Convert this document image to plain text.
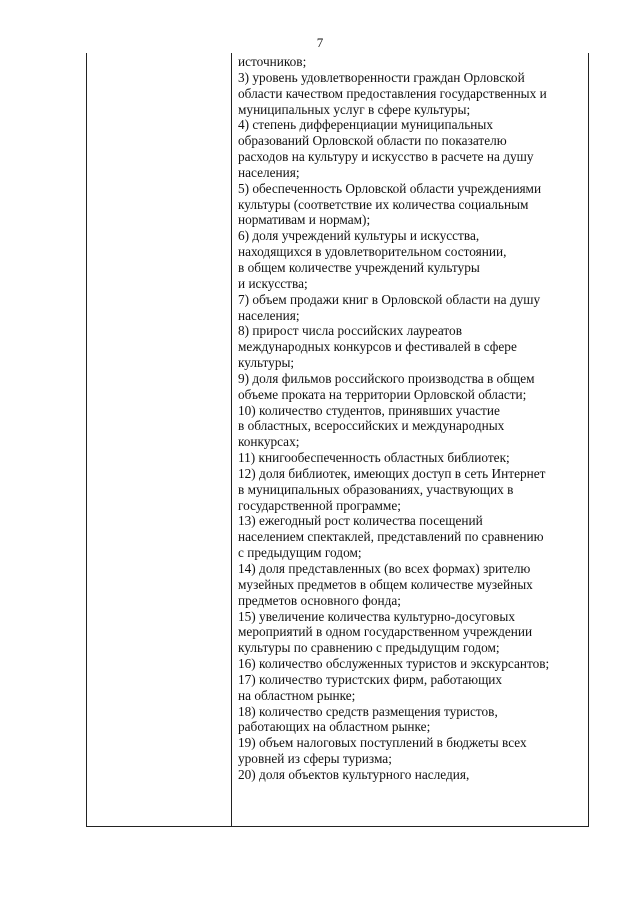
7
источников;
3) уровень удовлетворенности граждан Орловской
области качеством предоставления государственных и
муниципальных услуг в сфере культуры;
4) степень дифференциации муниципальных
образований Орловской области по показателю
расходов на культуру и искусство в расчете на душу
населения;
5) обеспеченность Орловской области учреждениями
культуры (соответствие их количества социальным
нормативам и нормам);
6) доля учреждений культуры и искусства,
находящихся в удовлетворительном состоянии,
в общем количестве учреждений культуры
и искусства;
7) объем продажи книг в Орловской области на душу
населения;
8) прирост числа российских лауреатов
международных конкурсов и фестивалей в сфере
культуры;
9) доля фильмов российского производства в общем
объеме проката на территории Орловской области;
10) количество студентов, принявших участие
в областных, всероссийских и международных
конкурсах;
11) книгообеспеченность областных библиотек;
12) доля библиотек, имеющих доступ в сеть Интернет
в муниципальных образованиях, участвующих в
государственной программе;
13) ежегодный рост количества посещений
населением спектаклей, представлений по сравнению
с предыдущим годом;
14) доля представленных (во всех формах) зрителю
музейных предметов в общем количестве музейных
предметов основного фонда;
15) увеличение количества культурно-досуговых
мероприятий в одном государственном учреждении
культуры по сравнению с предыдущим годом;
16) количество обслуженных туристов и экскурсантов;
17) количество туристских фирм, работающих
на областном рынке;
18) количество средств размещения туристов,
работающих на областном рынке;
19) объем налоговых поступлений в бюджеты всех
уровней из сферы туризма;
20) доля объектов культурного наследия,
